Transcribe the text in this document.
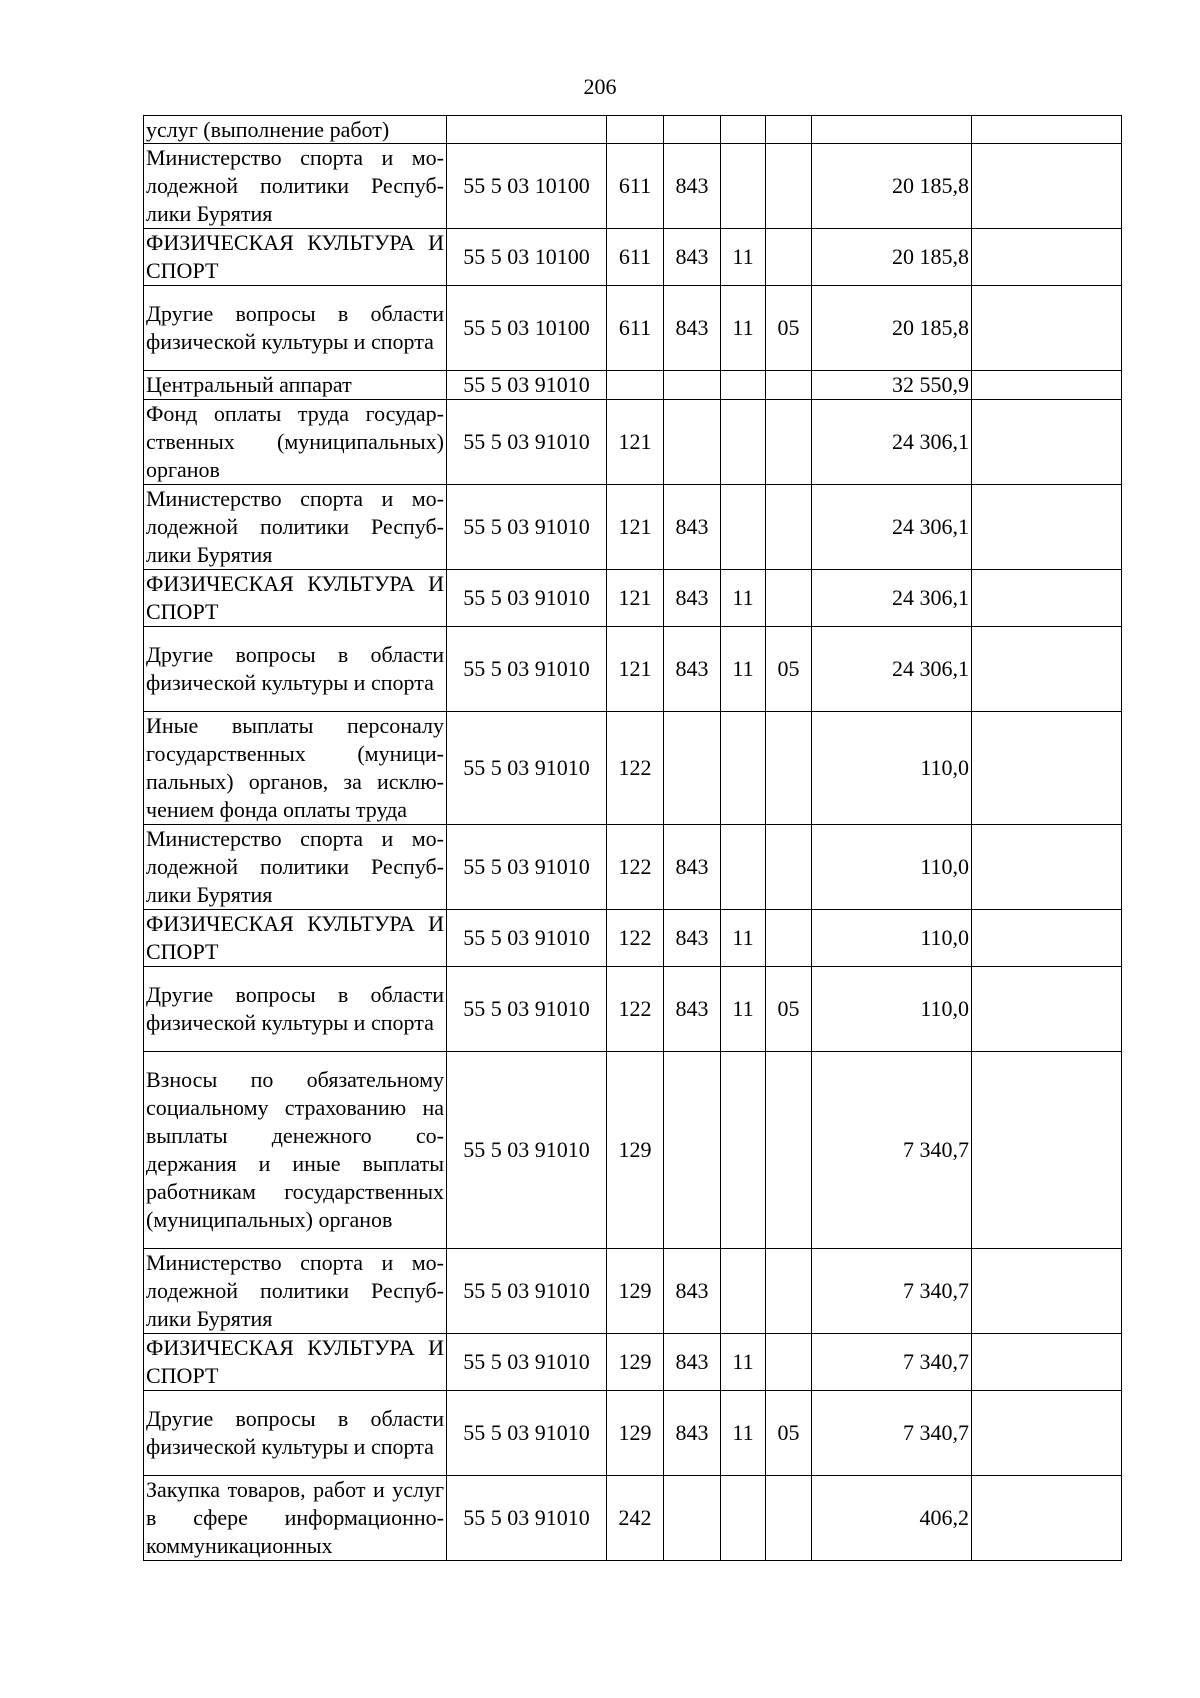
206
услуг (выполнение работ)							
Министерство спорта и молодежной политики Республики Бурятия	55 5 03 10100	611	843			20 185,8	
ФИЗИЧЕСКАЯ КУЛЬТУРА И СПОРТ	55 5 03 10100	611	843	11		20 185,8	
Другие вопросы в области физической культуры и спорта	55 5 03 10100	611	843	11	05	20 185,8	
Центральный аппарат	55 5 03 91010					32 550,9	
Фонд оплаты труда государственных (муниципальных) органов	55 5 03 91010	121				24 306,1	
Министерство спорта и молодежной политики Республики Бурятия	55 5 03 91010	121	843			24 306,1	
ФИЗИЧЕСКАЯ КУЛЬТУРА И СПОРТ	55 5 03 91010	121	843	11		24 306,1	
Другие вопросы в области физической культуры и спорта	55 5 03 91010	121	843	11	05	24 306,1	
Иные выплаты персоналу государственных (муниципальных) органов, за исключением фонда оплаты труда	55 5 03 91010	122				110,0	
Министерство спорта и молодежной политики Республики Бурятия	55 5 03 91010	122	843			110,0	
ФИЗИЧЕСКАЯ КУЛЬТУРА И СПОРТ	55 5 03 91010	122	843	11		110,0	
Другие вопросы в области физической культуры и спорта	55 5 03 91010	122	843	11	05	110,0	
Взносы по обязательному социальному страхованию на выплаты денежного содержания и иные выплаты работникам государственных (муниципальных) органов	55 5 03 91010	129				7 340,7	
Министерство спорта и молодежной политики Республики Бурятия	55 5 03 91010	129	843			7 340,7	
ФИЗИЧЕСКАЯ КУЛЬТУРА И СПОРТ	55 5 03 91010	129	843	11		7 340,7	
Другие вопросы в области физической культуры и спорта	55 5 03 91010	129	843	11	05	7 340,7	
Закупка товаров, работ и услуг в сфере информационно-коммуникационных	55 5 03 91010	242				406,2	
